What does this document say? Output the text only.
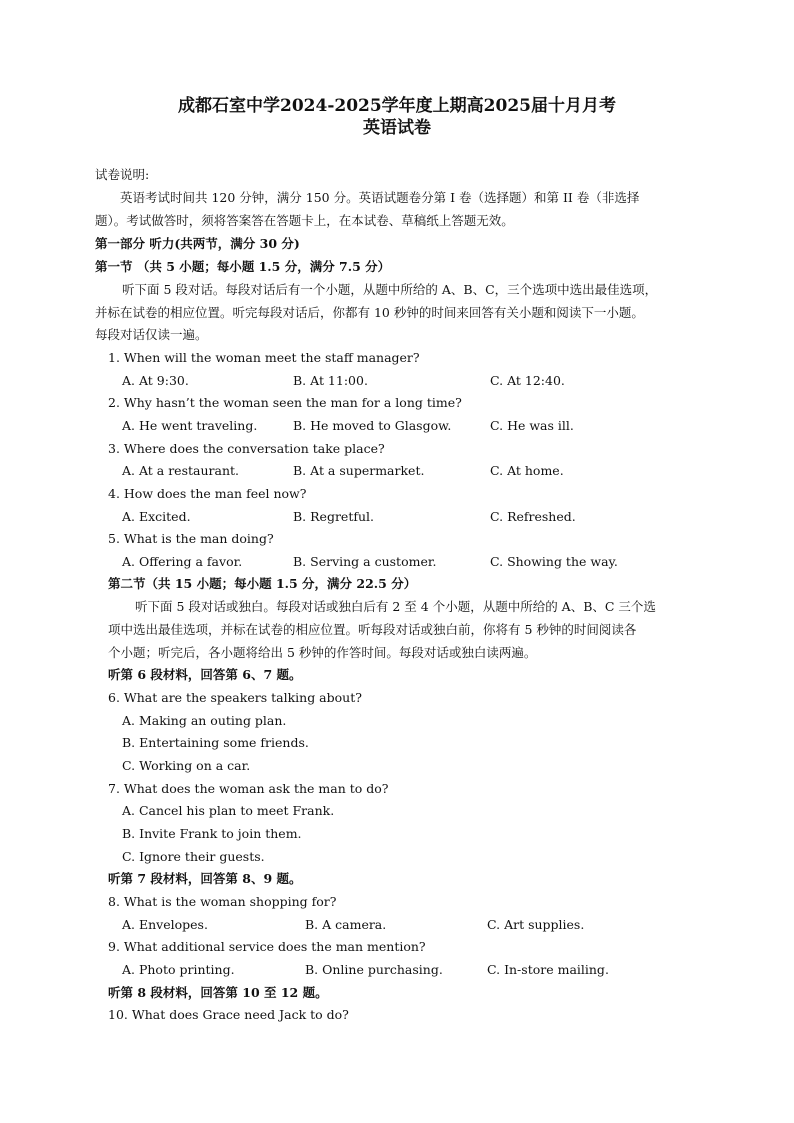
成都石室中学2024-2025学年度上期高2025届十月月考
英语试卷
试卷说明:
英语考试时间共 120 分钟，满分 150 分。英语试题卷分第 I 卷（选择题）和第 II 卷（非选择
题）。考试做答时，须将答案答在答题卡上，在本试卷、草稿纸上答题无效。
第一部分 听力(共两节，满分 30 分)
第一节 （共 5 小题；每小题 1.5 分，满分 7.5 分）
听下面 5 段对话。每段对话后有一个小题，从题中所给的 A、B、C，三个选项中选出最佳选项，
并标在试卷的相应位置。听完每段对话后，你都有 10 秒钟的时间来回答有关小题和阅读下一小题。
每段对话仅读一遍。
1. When will the woman meet the staff manager?
A. At 9:30.	B. At 11:00.	C. At 12:40.
2. Why hasn’t the woman seen the man for a long time?
A. He went traveling.	B. He moved to Glasgow.	C. He was ill.
3. Where does the conversation take place?
A. At a restaurant.	B. At a supermarket.	C. At home.
4. How does the man feel now?
A. Excited.	B. Regretful.	C. Refreshed.
5. What is the man doing?
A. Offering a favor.	B. Serving a customer.	C. Showing the way.
第二节（共 15 小题；每小题 1.5 分，满分 22.5 分）
听下面 5 段对话或独白。每段对话或独白后有 2 至 4 个小题，从题中所给的 A、B、C 三个选
项中选出最佳选项，并标在试卷的相应位置。听每段对话或独白前，你将有 5 秒钟的时间阅读各
个小题；听完后，各小题将给出 5 秒钟的作答时间。每段对话或独白读两遍。
听第 6 段材料，回答第 6、7 题。
6. What are the speakers talking about?
A. Making an outing plan.
B. Entertaining some friends.
C. Working on a car.
7. What does the woman ask the man to do?
A. Cancel his plan to meet Frank.
B. Invite Frank to join them.
C. Ignore their guests.
听第 7 段材料，回答第 8、9 题。
8. What is the woman shopping for?
A. Envelopes.	B. A camera.	C. Art supplies.
9. What additional service does the man mention?
A. Photo printing.	B. Online purchasing.	C. In-store mailing.
听第 8 段材料，回答第 10 至 12 题。
10. What does Grace need Jack to do?
